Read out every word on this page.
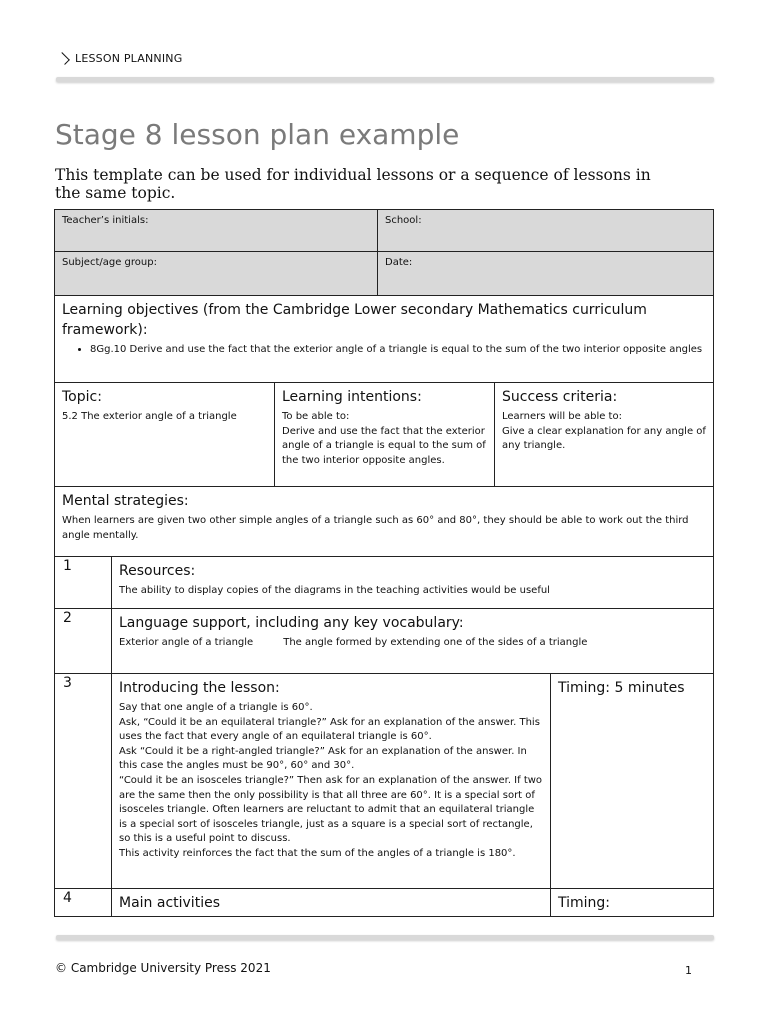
LESSON PLANNING
Stage 8 lesson plan example
This template can be used for individual lessons or a sequence of lessons in the same topic.
Teacher’s initials:	School:
Subject/age group:	Date:
Learning objectives (from the Cambridge Lower secondary Mathematics curriculum framework):
• 8Gg.10 Derive and use the fact that the exterior angle of a triangle is equal to the sum of the two interior opposite angles
Topic:
5.2 The exterior angle of a triangle
Learning intentions:
To be able to:
Derive and use the fact that the exterior angle of a triangle is equal to the sum of the two interior opposite angles.
Success criteria:
Learners will be able to:
Give a clear explanation for any angle of any triangle.
Mental strategies:
When learners are given two other simple angles of a triangle such as 60° and 80°, they should be able to work out the third angle mentally.
1	Resources:
The ability to display copies of the diagrams in the teaching activities would be useful
2	Language support, including any key vocabulary:
Exterior angle of a triangle	The angle formed by extending one of the sides of a triangle
3	Introducing the lesson:
Say that one angle of a triangle is 60°.
Ask, “Could it be an equilateral triangle?” Ask for an explanation of the answer. This uses the fact that every angle of an equilateral triangle is 60°.
Ask “Could it be a right-angled triangle?” Ask for an explanation of the answer. In this case the angles must be 90°, 60° and 30°.
“Could it be an isosceles triangle?” Then ask for an explanation of the answer. If two are the same then the only possibility is that all three are 60°. It is a special sort of isosceles triangle. Often learners are reluctant to admit that an equilateral triangle is a special sort of isosceles triangle, just as a square is a special sort of rectangle, so this is a useful point to discuss.
This activity reinforces the fact that the sum of the angles of a triangle is 180°.
Timing: 5 minutes
4	Main activities	Timing:
© Cambridge University Press 2021	1
